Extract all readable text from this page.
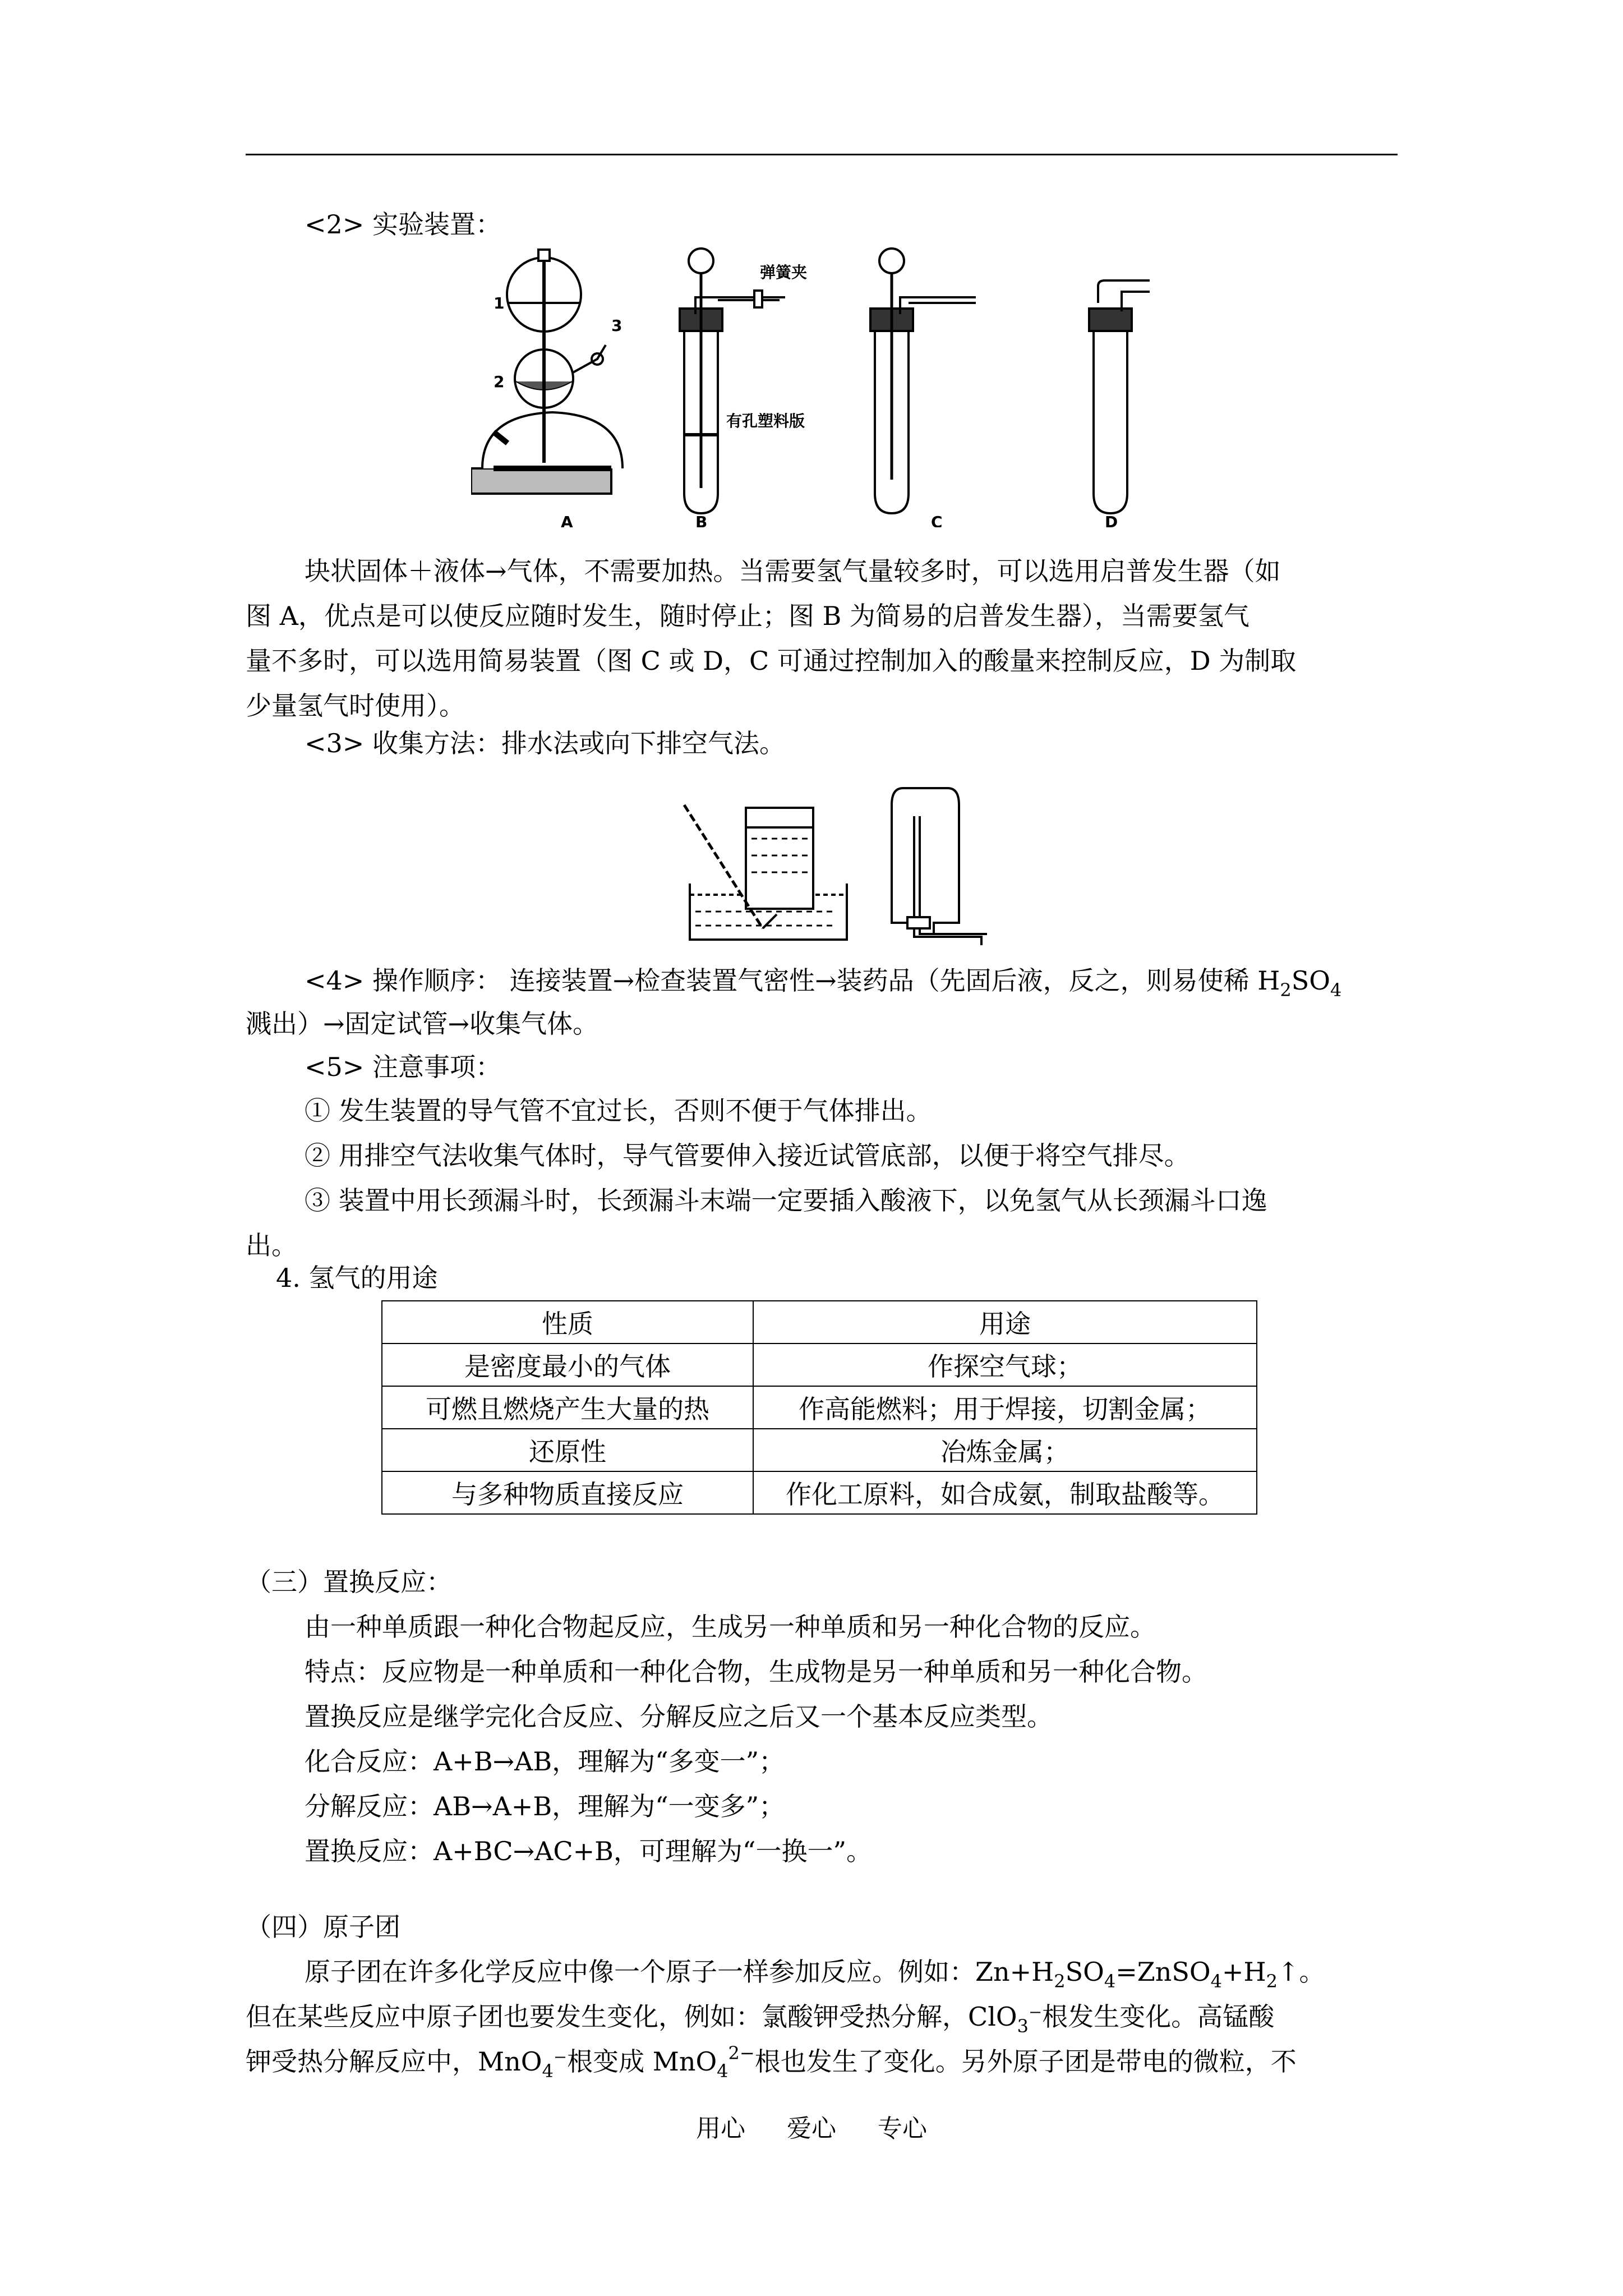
<2> 实验装置：
1
2
3
弹簧夹
有孔塑料版
A	B	C	D
块状固体＋液体→气体，不需要加热。当需要氢气量较多时，可以选用启普发生器（如
图 A，优点是可以使反应随时发生，随时停止；图 B 为简易的启普发生器），当需要氢气
量不多时，可以选用简易装置（图 C 或 D，C 可通过控制加入的酸量来控制反应，D 为制取
少量氢气时使用）。
<3> 收集方法：排水法或向下排空气法。
<4> 操作顺序： 连接装置→检查装置气密性→装药品（先固后液，反之，则易使稀 $H_2SO_4$
溅出）→固定试管→收集气体。
<5> 注意事项：
① 发生装置的导气管不宜过长，否则不便于气体排出。
② 用排空气法收集气体时，导气管要伸入接近试管底部，以便于将空气排尽。
③ 装置中用长颈漏斗时，长颈漏斗末端一定要插入酸液下，以免氢气从长颈漏斗口逸
出。
4. 氢气的用途
性质	用途
是密度最小的气体	作探空气球；
可燃且燃烧产生大量的热	作高能燃料；用于焊接，切割金属；
还原性	冶炼金属；
与多种物质直接反应	作化工原料，如合成氨，制取盐酸等。
（三）置换反应：
由一种单质跟一种化合物起反应，生成另一种单质和另一种化合物的反应。
特点：反应物是一种单质和一种化合物，生成物是另一种单质和另一种化合物。
置换反应是继学完化合反应、分解反应之后又一个基本反应类型。
化合反应：A+B→AB，理解为“多变一”；
分解反应：AB→A+B，理解为“一变多”；
置换反应：A+BC→AC+B，可理解为“一换一”。
（四）原子团
原子团在许多化学反应中像一个原子一样参加反应。例如：$Zn+H_2SO_4=ZnSO_4+H_2↑$。
但在某些反应中原子团也要发生变化，例如：氯酸钾受热分解，ClO$_3$⁻根发生变化。高锰酸
钾受热分解反应中，MnO$_4$⁻根变成 MnO$_4^{2-}$根也发生了变化。另外原子团是带电的微粒，不
用心 爱心 专心
